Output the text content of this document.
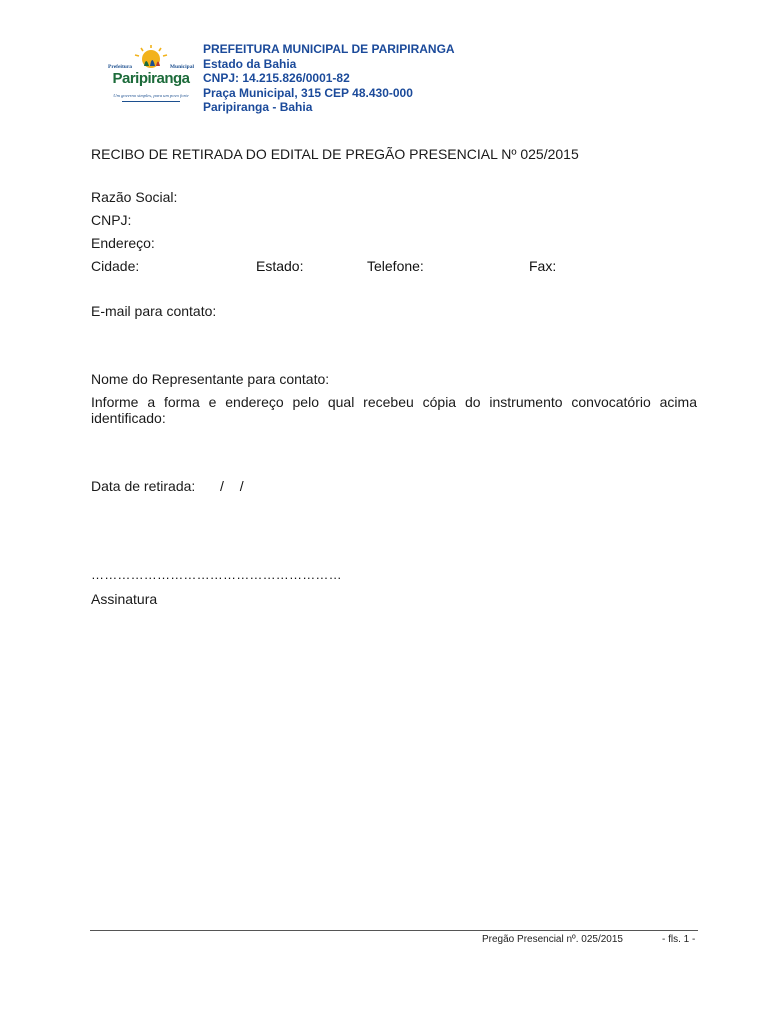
Prefeitura	Municipal
Paripiranga
Um governo simples, para um povo forte
PREFEITURA MUNICIPAL DE PARIPIRANGA
Estado da Bahia
CNPJ: 14.215.826/0001-82
Praça Municipal, 315 CEP 48.430-000
Paripiranga - Bahia
RECIBO DE RETIRADA DO EDITAL DE PREGÃO PRESENCIAL Nº 025/2015
Razão Social:
CNPJ:
Endereço:
Cidade:	Estado:	Telefone:	Fax:
E-mail para contato:
Nome do Representante para contato:
Informe a forma e endereço pelo qual recebeu cópia do instrumento convocatório acima identificado:
Data de retirada: / /
…………………………………………………
Assinatura
Pregão Presencial nº. 025/2015	- fls. 1 -
